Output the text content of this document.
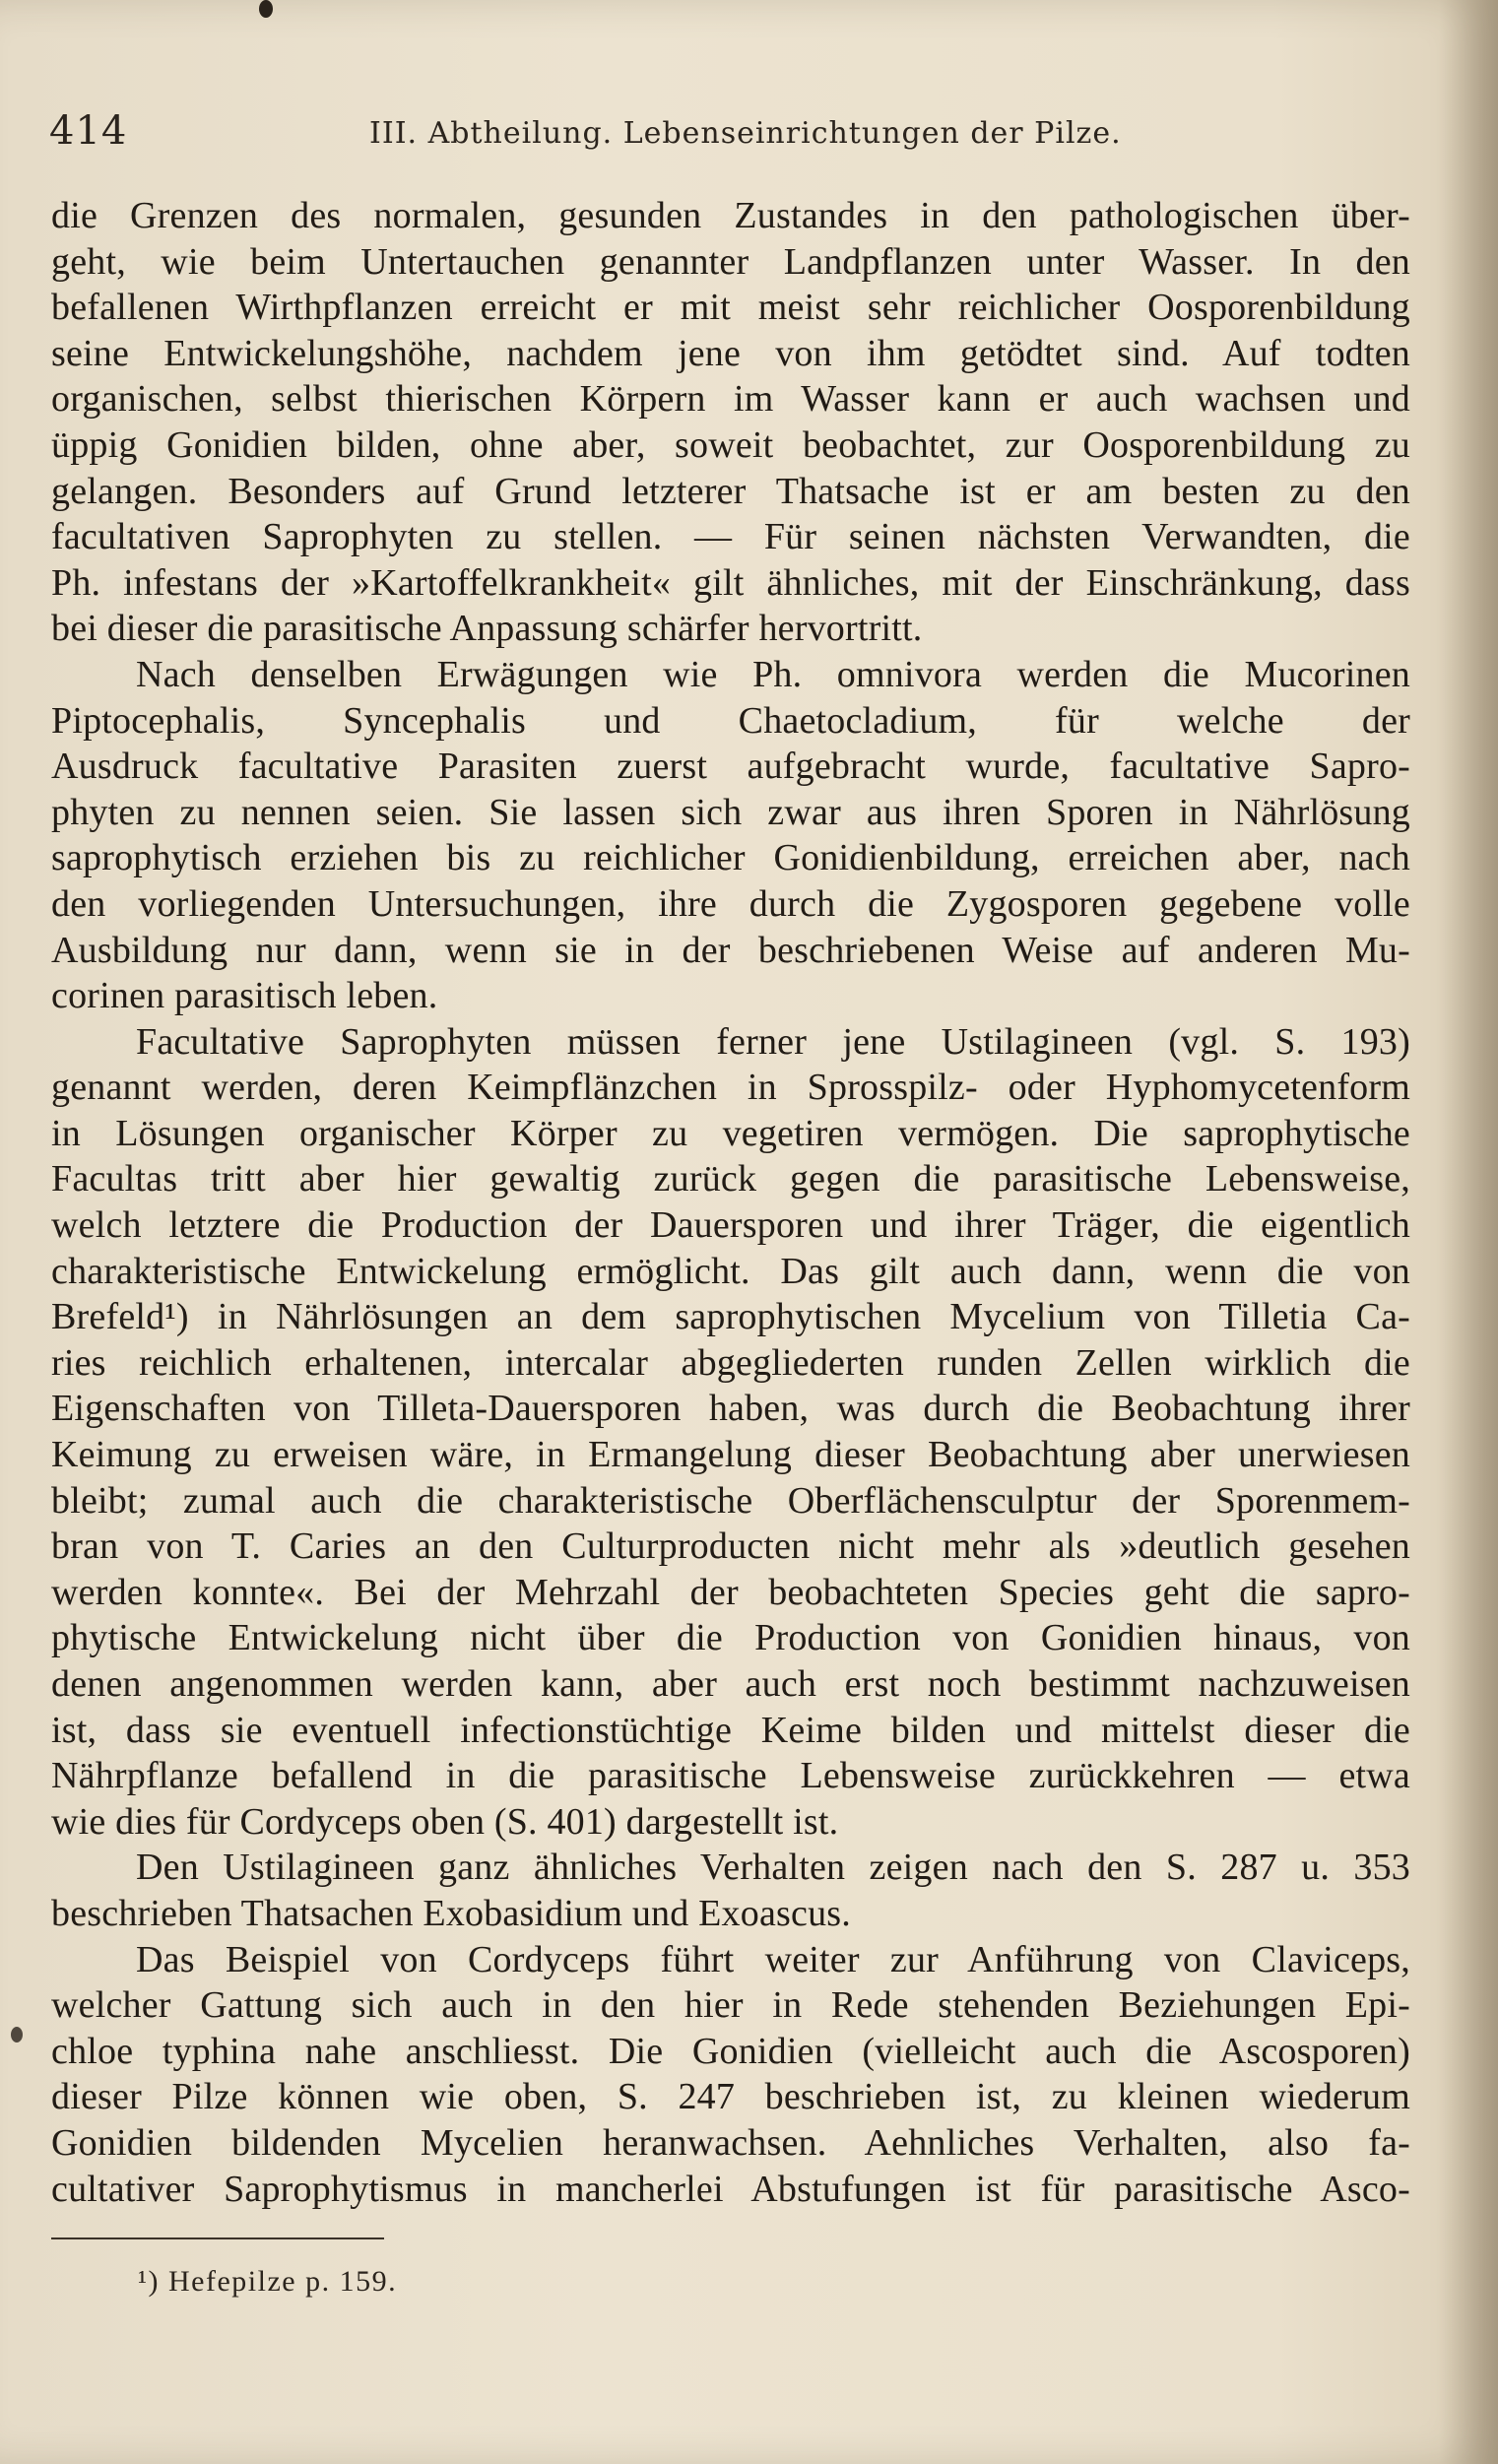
414	III. Abtheilung. Lebenseinrichtungen der Pilze.
die Grenzen des normalen, gesunden Zustandes in den pathologischen über-
geht, wie beim Untertauchen genannter Landpflanzen unter Wasser. In den
befallenen Wirthpflanzen erreicht er mit meist sehr reichlicher Oosporenbildung
seine Entwickelungshöhe, nachdem jene von ihm getödtet sind. Auf todten
organischen, selbst thierischen Körpern im Wasser kann er auch wachsen und
üppig Gonidien bilden, ohne aber, soweit beobachtet, zur Oosporenbildung zu
gelangen. Besonders auf Grund letzterer Thatsache ist er am besten zu den
facultativen Saprophyten zu stellen. — Für seinen nächsten Verwandten, die
Ph. infestans der »Kartoffelkrankheit« gilt ähnliches, mit der Einschränkung, dass
bei dieser die parasitische Anpassung schärfer hervortritt.
Nach denselben Erwägungen wie Ph. omnivora werden die Mucorinen
Piptocephalis, Syncephalis und Chaetocladium, für welche der
Ausdruck facultative Parasiten zuerst aufgebracht wurde, facultative Sapro-
phyten zu nennen seien. Sie lassen sich zwar aus ihren Sporen in Nährlösung
saprophytisch erziehen bis zu reichlicher Gonidienbildung, erreichen aber, nach
den vorliegenden Untersuchungen, ihre durch die Zygosporen gegebene volle
Ausbildung nur dann, wenn sie in der beschriebenen Weise auf anderen Mu-
corinen parasitisch leben.
Facultative Saprophyten müssen ferner jene Ustilagineen (vgl. S. 193)
genannt werden, deren Keimpflänzchen in Sprosspilz- oder Hyphomycetenform
in Lösungen organischer Körper zu vegetiren vermögen. Die saprophytische
Facultas tritt aber hier gewaltig zurück gegen die parasitische Lebensweise,
welch letztere die Production der Dauersporen und ihrer Träger, die eigentlich
charakteristische Entwickelung ermöglicht. Das gilt auch dann, wenn die von
Brefeld¹) in Nährlösungen an dem saprophytischen Mycelium von Tilletia Ca-
ries reichlich erhaltenen, intercalar abgegliederten runden Zellen wirklich die
Eigenschaften von Tilleta-Dauersporen haben, was durch die Beobachtung ihrer
Keimung zu erweisen wäre, in Ermangelung dieser Beobachtung aber unerwiesen
bleibt; zumal auch die charakteristische Oberflächensculptur der Sporenmem-
bran von T. Caries an den Culturproducten nicht mehr als »deutlich gesehen
werden konnte«. Bei der Mehrzahl der beobachteten Species geht die sapro-
phytische Entwickelung nicht über die Production von Gonidien hinaus, von
denen angenommen werden kann, aber auch erst noch bestimmt nachzuweisen
ist, dass sie eventuell infectionstüchtige Keime bilden und mittelst dieser die
Nährpflanze befallend in die parasitische Lebensweise zurückkehren — etwa
wie dies für Cordyceps oben (S. 401) dargestellt ist.
Den Ustilagineen ganz ähnliches Verhalten zeigen nach den S. 287 u. 353
beschrieben Thatsachen Exobasidium und Exoascus.
Das Beispiel von Cordyceps führt weiter zur Anführung von Claviceps,
welcher Gattung sich auch in den hier in Rede stehenden Beziehungen Epi-
chloe typhina nahe anschliesst. Die Gonidien (vielleicht auch die Ascosporen)
dieser Pilze können wie oben, S. 247 beschrieben ist, zu kleinen wiederum
Gonidien bildenden Mycelien heranwachsen. Aehnliches Verhalten, also fa-
cultativer Saprophytismus in mancherlei Abstufungen ist für parasitische Asco-
¹) Hefepilze p. 159.
